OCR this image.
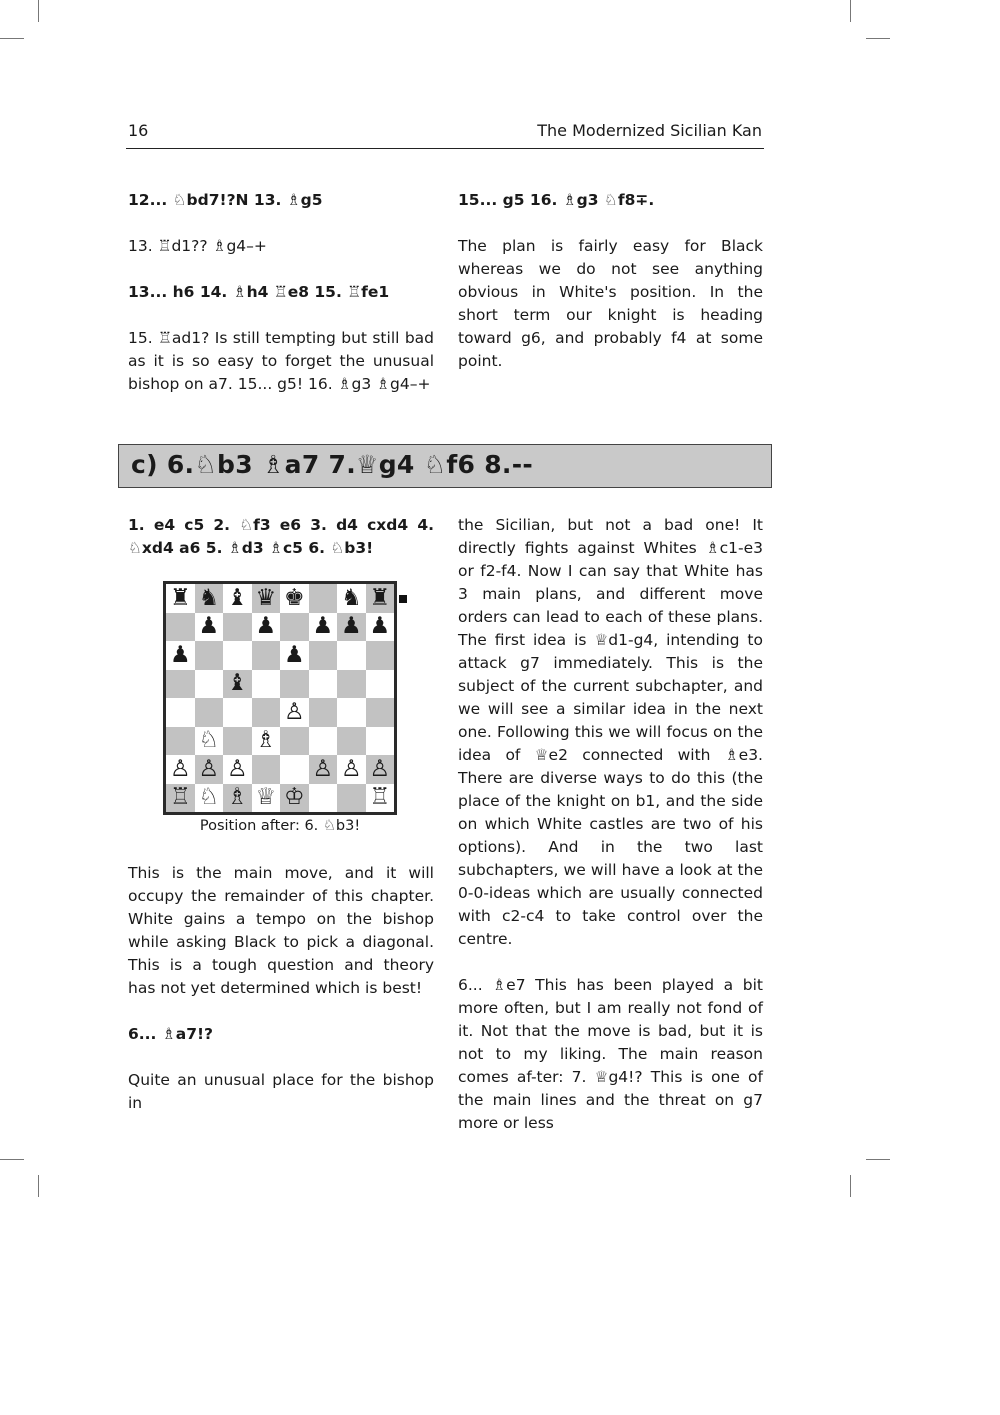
16	The Modernized Sicilian Kan

12... ♘bd7!?N 13. ♗g5

13. ♖d1?? ♗g4–+

13... h6 14. ♗h4 ♖e8 15. ♖fe1

15. ♖ad1? Is still tempting but still bad as it is so easy to forget the unusual bishop on a7. 15... g5! 16. ♗g3 ♗g4–+

15... g5 16. ♗g3 ♘f8∓.

The plan is fairly easy for Black whereas we do not see anything obvious in White's position. In the short term our knight is heading toward g6, and probably f4 at some point.

c) 6.♘b3 ♗a7 7.♕g4 ♘f6 8.--

1. e4 c5 2. ♘f3 e6 3. d4 cxd4 4. ♘xd4 a6 5. ♗d3 ♗c5 6. ♘b3!

♜ ♞ ♝ ♛ ♚ ♞ ♜
♟ ♟ ♟ ♟ ♟
♟	♟
♝
♙
♘ ♗
♙ ♙ ♙	♙ ♙ ♙
♖ ♘ ♗ ♕ ♔	♖
Position after: 6. ♘b3!

This is the main move, and it will occupy the remainder of this chapter. White gains a tempo on the bishop while asking Black to pick a diagonal. This is a tough question and theory has not yet determined which is best!

6... ♗a7!?

Quite an unusual place for the bishop in

the Sicilian, but not a bad one! It directly fights against Whites ♗c1-e3 or f2-f4. Now I can say that White has 3 main plans, and different move orders can lead to each of these plans. The first idea is ♕d1-g4, intending to attack g7 immediately. This is the subject of the current subchapter, and we will see a similar idea in the next one. Following this we will focus on the idea of ♕e2 connected with ♗e3. There are diverse ways to do this (the place of the knight on b1, and the side on which White castles are two of his options). And in the two last subchapters, we will have a look at the 0-0-ideas which are usually connected with c2-c4 to take control over the centre.

6... ♗e7 This has been played a bit more often, but I am really not fond of it. Not that the move is bad, but it is not to my liking. The main reason comes af-ter: 7. ♕g4!? This is one of the main lines and the threat on g7 more or less
